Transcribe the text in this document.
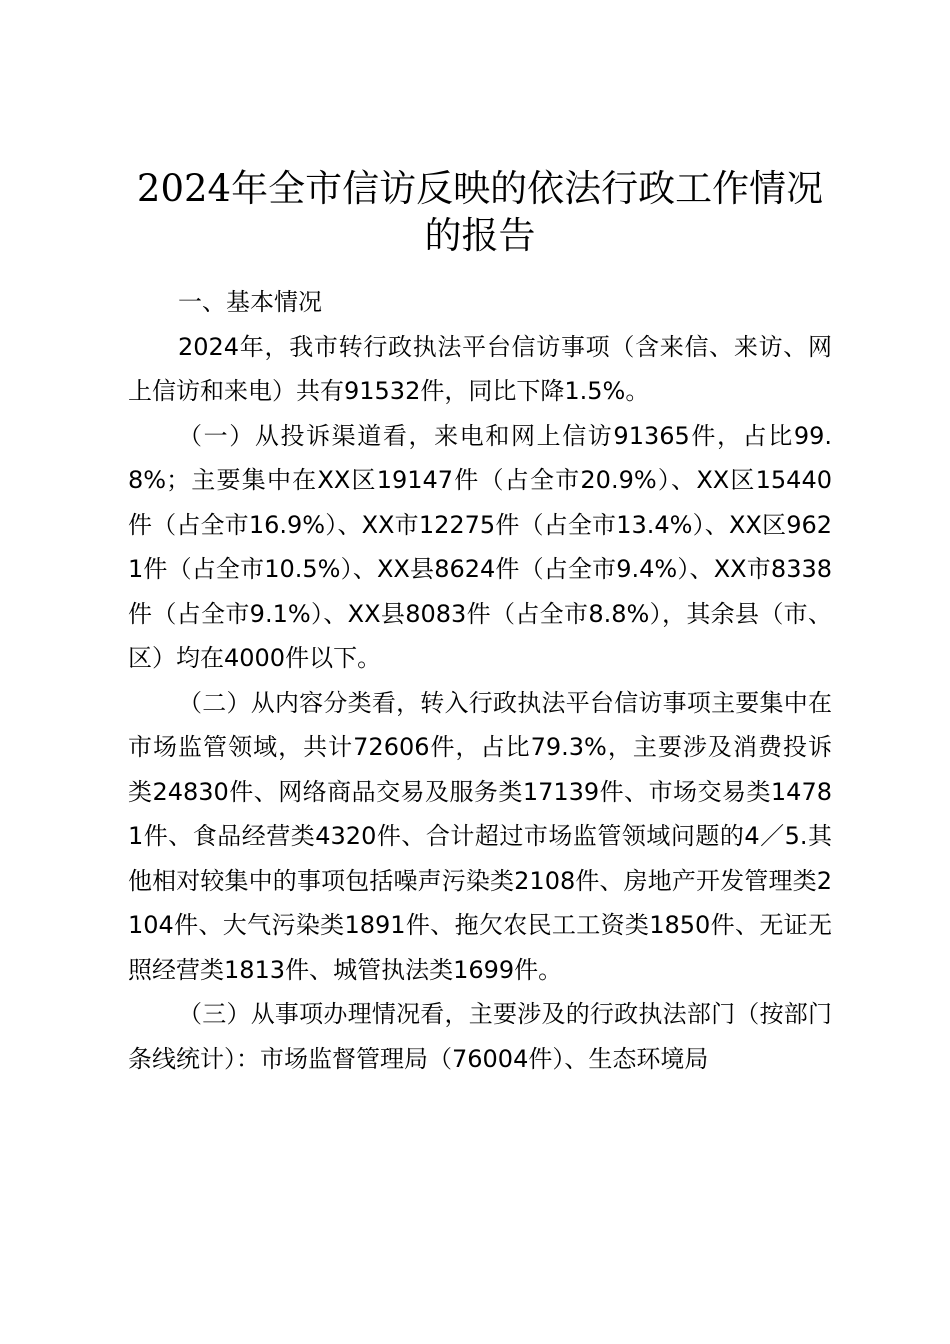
2024年全市信访反映的依法行政工作情况的报告

一、基本情况

2024年，我市转行政执法平台信访事项（含来信、来访、网上信访和来电）共有91532件，同比下降1.5%。

（一）从投诉渠道看，来电和网上信访91365件，占比99.8%；主要集中在XX区19147件（占全市20.9%）、XX区15440件（占全市16.9%）、XX市12275件（占全市13.4%）、XX区9621件（占全市10.5%）、XX县8624件（占全市9.4%）、XX市8338件（占全市9.1%）、XX县8083件（占全市8.8%），其余县（市、区）均在4000件以下。

（二）从内容分类看，转入行政执法平台信访事项主要集中在市场监管领域，共计72606件，占比79.3%，主要涉及消费投诉类24830件、网络商品交易及服务类17139件、市场交易类14781件、食品经营类4320件、合计超过市场监管领域问题的4／5.其他相对较集中的事项包括噪声污染类2108件、房地产开发管理类2104件、大气污染类1891件、拖欠农民工工资类1850件、无证无照经营类1813件、城管执法类1699件。

（三）从事项办理情况看，主要涉及的行政执法部门（按部门条线统计）：市场监督管理局（76004件）、生态环境局
